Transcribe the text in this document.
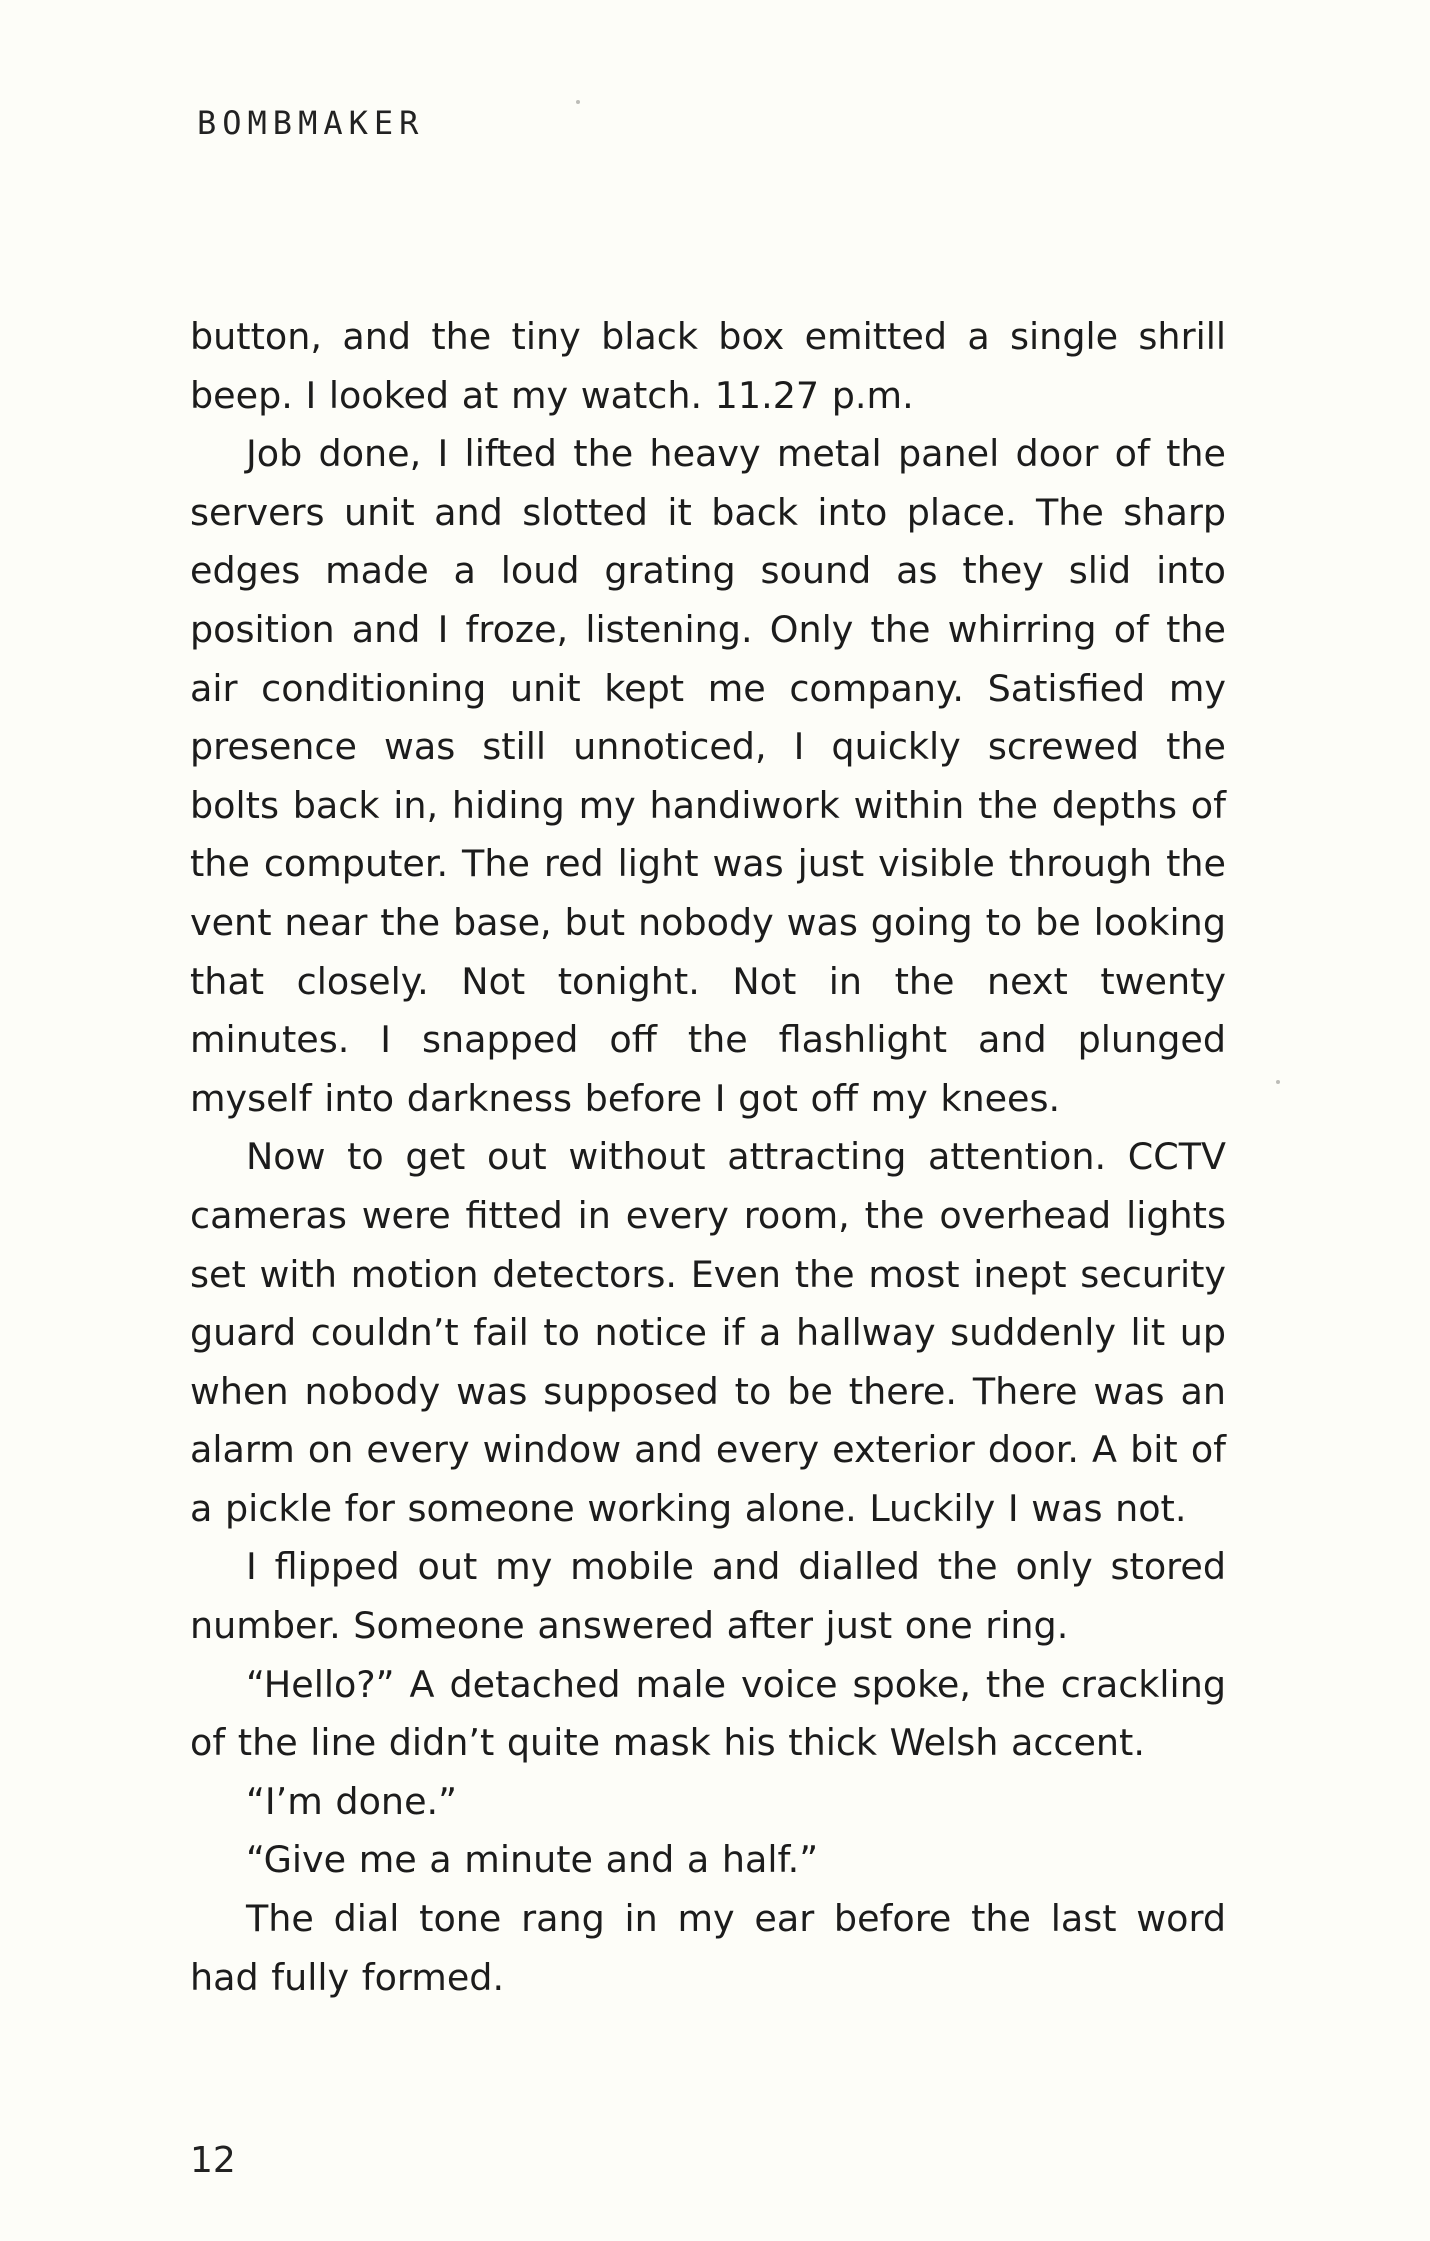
BOMBMAKER

button, and the tiny black box emitted a single shrill beep. I looked at my watch. 11.27 p.m.

Job done, I lifted the heavy metal panel door of the servers unit and slotted it back into place. The sharp edges made a loud grating sound as they slid into position and I froze, listening. Only the whirring of the air conditioning unit kept me company. Satisfied my presence was still unnoticed, I quickly screwed the bolts back in, hiding my handiwork within the depths of the computer. The red light was just visible through the vent near the base, but nobody was going to be looking that closely. Not tonight. Not in the next twenty minutes. I snapped off the flashlight and plunged myself into darkness before I got off my knees.

Now to get out without attracting attention. CCTV cameras were fitted in every room, the overhead lights set with motion detectors. Even the most inept security guard couldn’t fail to notice if a hallway suddenly lit up when nobody was supposed to be there. There was an alarm on every window and every exterior door. A bit of a pickle for someone working alone. Luckily I was not.

I flipped out my mobile and dialled the only stored number. Someone answered after just one ring.

“Hello?” A detached male voice spoke, the crackling of the line didn’t quite mask his thick Welsh accent.

“I’m done.”

“Give me a minute and a half.”

The dial tone rang in my ear before the last word had fully formed.

12
